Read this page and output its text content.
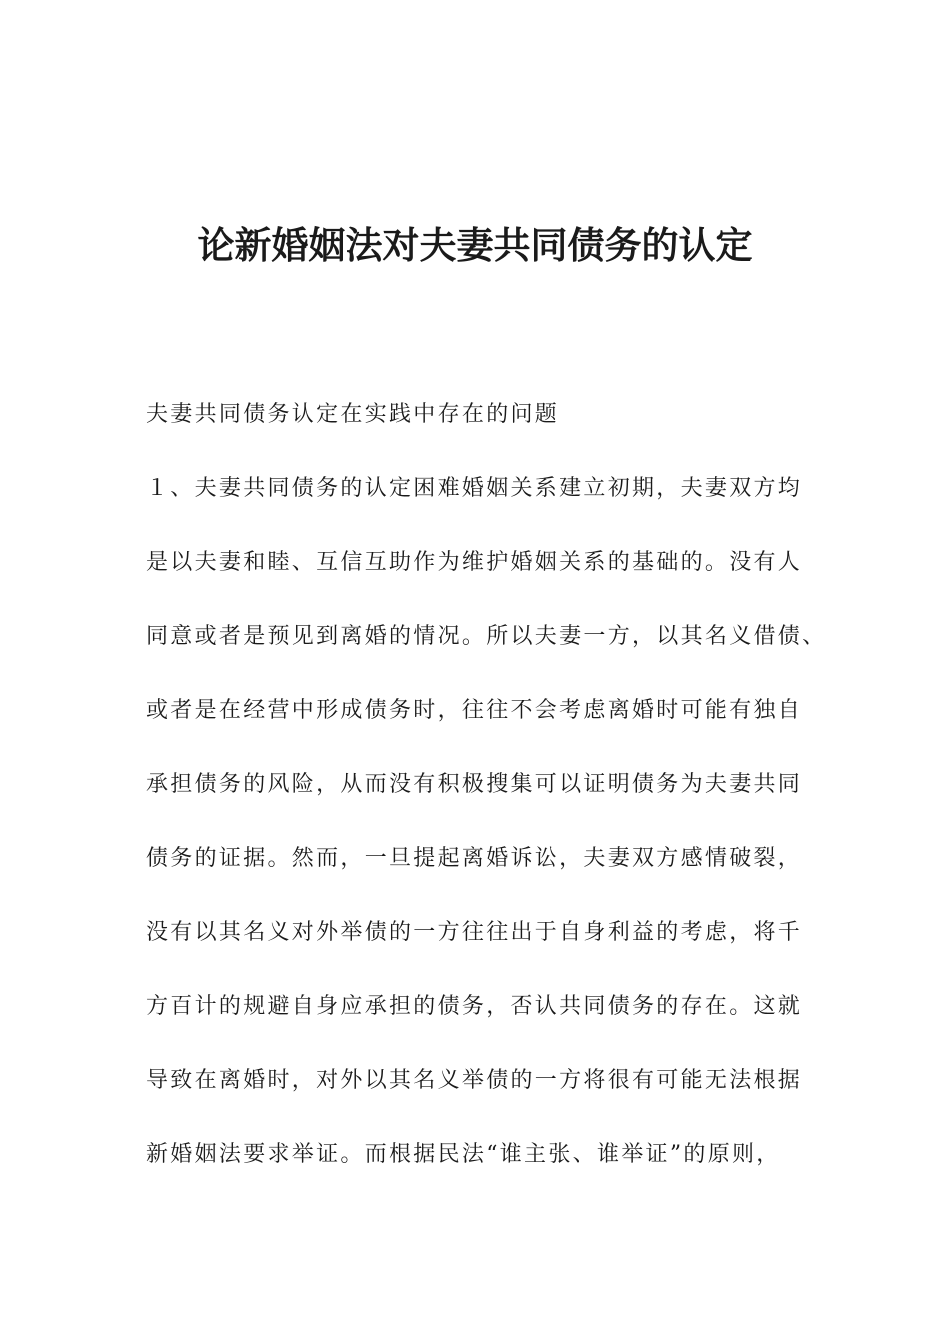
论新婚姻法对夫妻共同债务的认定

夫妻共同债务认定在实践中存在的问题

１、夫妻共同债务的认定困难婚姻关系建立初期，夫妻双方均

是以夫妻和睦、互信互助作为维护婚姻关系的基础的。没有人

同意或者是预见到离婚的情况。所以夫妻一方，以其名义借债、

或者是在经营中形成债务时，往往不会考虑离婚时可能有独自

承担债务的风险，从而没有积极搜集可以证明债务为夫妻共同

债务的证据。然而，一旦提起离婚诉讼，夫妻双方感情破裂，

没有以其名义对外举债的一方往往出于自身利益的考虑，将千

方百计的规避自身应承担的债务，否认共同债务的存在。这就

导致在离婚时，对外以其名义举债的一方将很有可能无法根据

新婚姻法要求举证。而根据民法“谁主张、谁举证”的原则，
